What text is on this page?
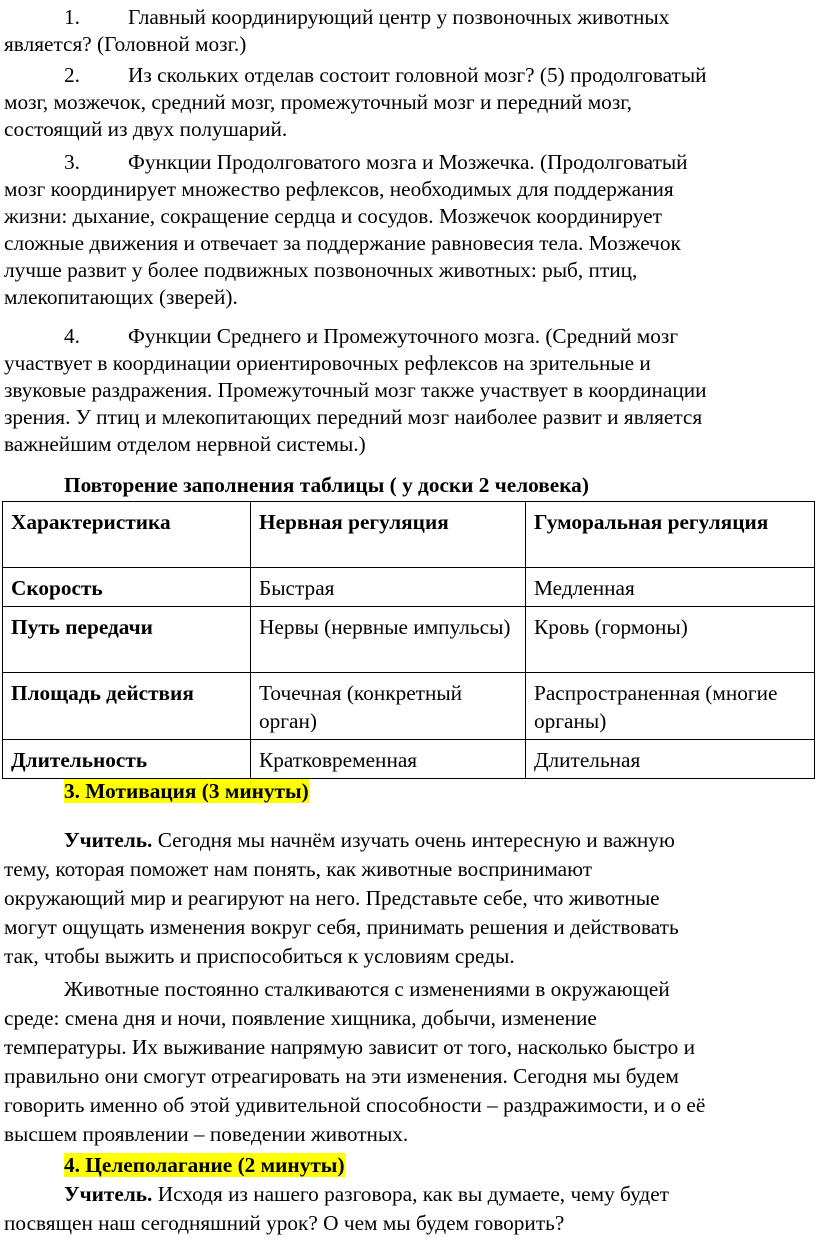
1. Главный координирующий центр у позвоночных животных
является? (Головной мозг.)
2. Из скольких отделав состоит головной мозг? (5) продолговатый
мозг, мозжечок, средний мозг, промежуточный мозг и передний мозг,
состоящий из двух полушарий.
3. Функции Продолговатого мозга и Мозжечка. (Продолговатый
мозг координирует множество рефлексов, необходимых для поддержания
жизни: дыхание, сокращение сердца и сосудов. Мозжечок координирует
сложные движения и отвечает за поддержание равновесия тела. Мозжечок
лучше развит у более подвижных позвоночных животных: рыб, птиц,
млекопитающих (зверей).
4. Функции Среднего и Промежуточного мозга. (Средний мозг
участвует в координации ориентировочных рефлексов на зрительные и
звуковые раздражения. Промежуточный мозг также участвует в координации
зрения. У птиц и млекопитающих передний мозг наиболее развит и является
важнейшим отделом нервной системы.)
Повторение заполнения таблицы ( у доски 2 человека)
Характеристика	Нервная регуляция	Гуморальная регуляция
Скорость	Быстрая	Медленная
Путь передачи	Нервы (нервные импульсы)	Кровь (гормоны)
Площадь действия	Точечная (конкретный орган)	Распространенная (многие органы)
Длительность	Кратковременная	Длительная
3. Мотивация (3 минуты)
Учитель. Сегодня мы начнём изучать очень интересную и важную
тему, которая поможет нам понять, как животные воспринимают
окружающий мир и реагируют на него. Представьте себе, что животные
могут ощущать изменения вокруг себя, принимать решения и действовать
так, чтобы выжить и приспособиться к условиям среды.
Животные постоянно сталкиваются с изменениями в окружающей
среде: смена дня и ночи, появление хищника, добычи, изменение
температуры. Их выживание напрямую зависит от того, насколько быстро и
правильно они смогут отреагировать на эти изменения. Сегодня мы будем
говорить именно об этой удивительной способности – раздражимости, и о её
высшем проявлении – поведении животных.
4. Целеполагание (2 минуты)
Учитель. Исходя из нашего разговора, как вы думаете, чему будет
посвящен наш сегодняшний урок? О чем мы будем говорить?
